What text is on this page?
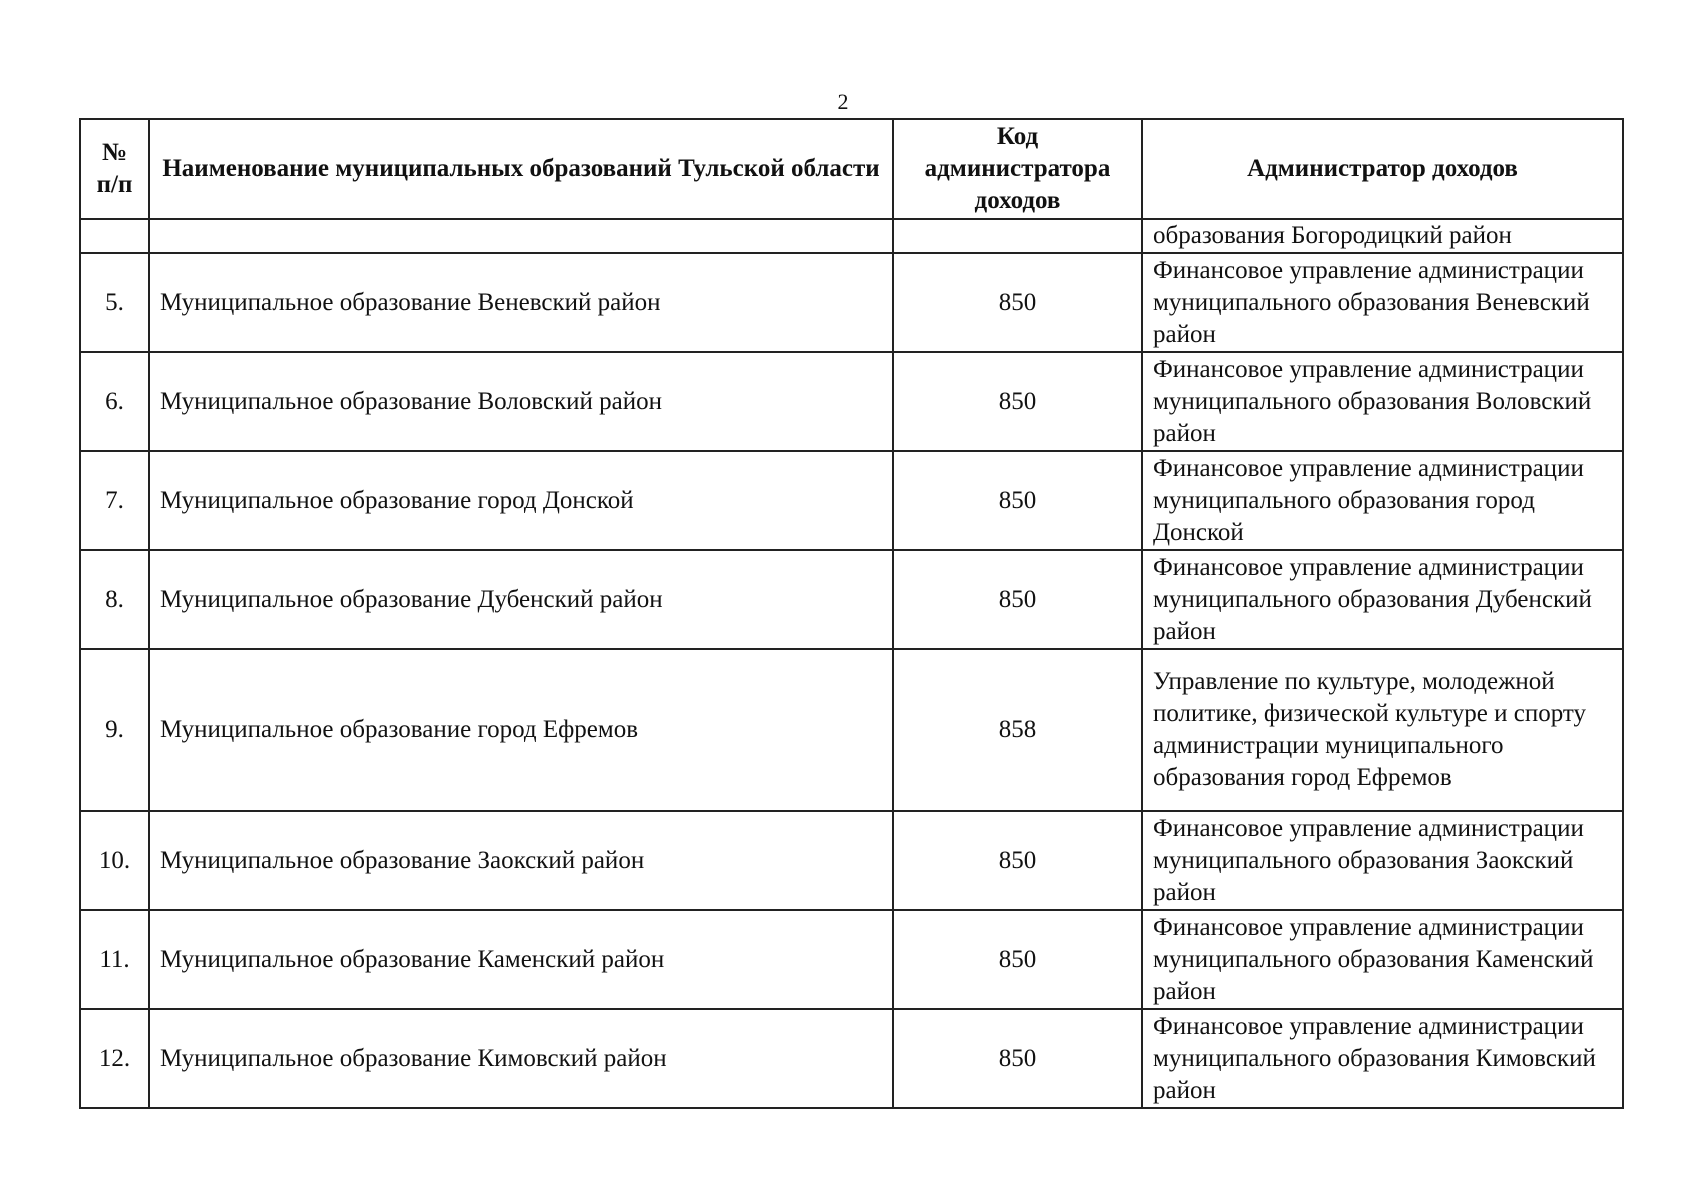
2
№ п/п	Наименование муниципальных образований Тульской области	Код администратора доходов	Администратор доходов
			образования Богородицкий район
5.	Муниципальное образование Веневский район	850	Финансовое управление администрации муниципального образования Веневский район
6.	Муниципальное образование Воловский район	850	Финансовое управление администрации муниципального образования Воловский район
7.	Муниципальное образование город Донской	850	Финансовое управление администрации муниципального образования город Донской
8.	Муниципальное образование Дубенский район	850	Финансовое управление администрации муниципального образования Дубенский район
9.	Муниципальное образование город Ефремов	858	Управление по культуре, молодежной политике, физической культуре и спорту администрации муниципального образования город Ефремов
10.	Муниципальное образование Заокский район	850	Финансовое управление администрации муниципального образования Заокский район
11.	Муниципальное образование Каменский район	850	Финансовое управление администрации муниципального образования Каменский район
12.	Муниципальное образование Кимовский район	850	Финансовое управление администрации муниципального образования Кимовский район
